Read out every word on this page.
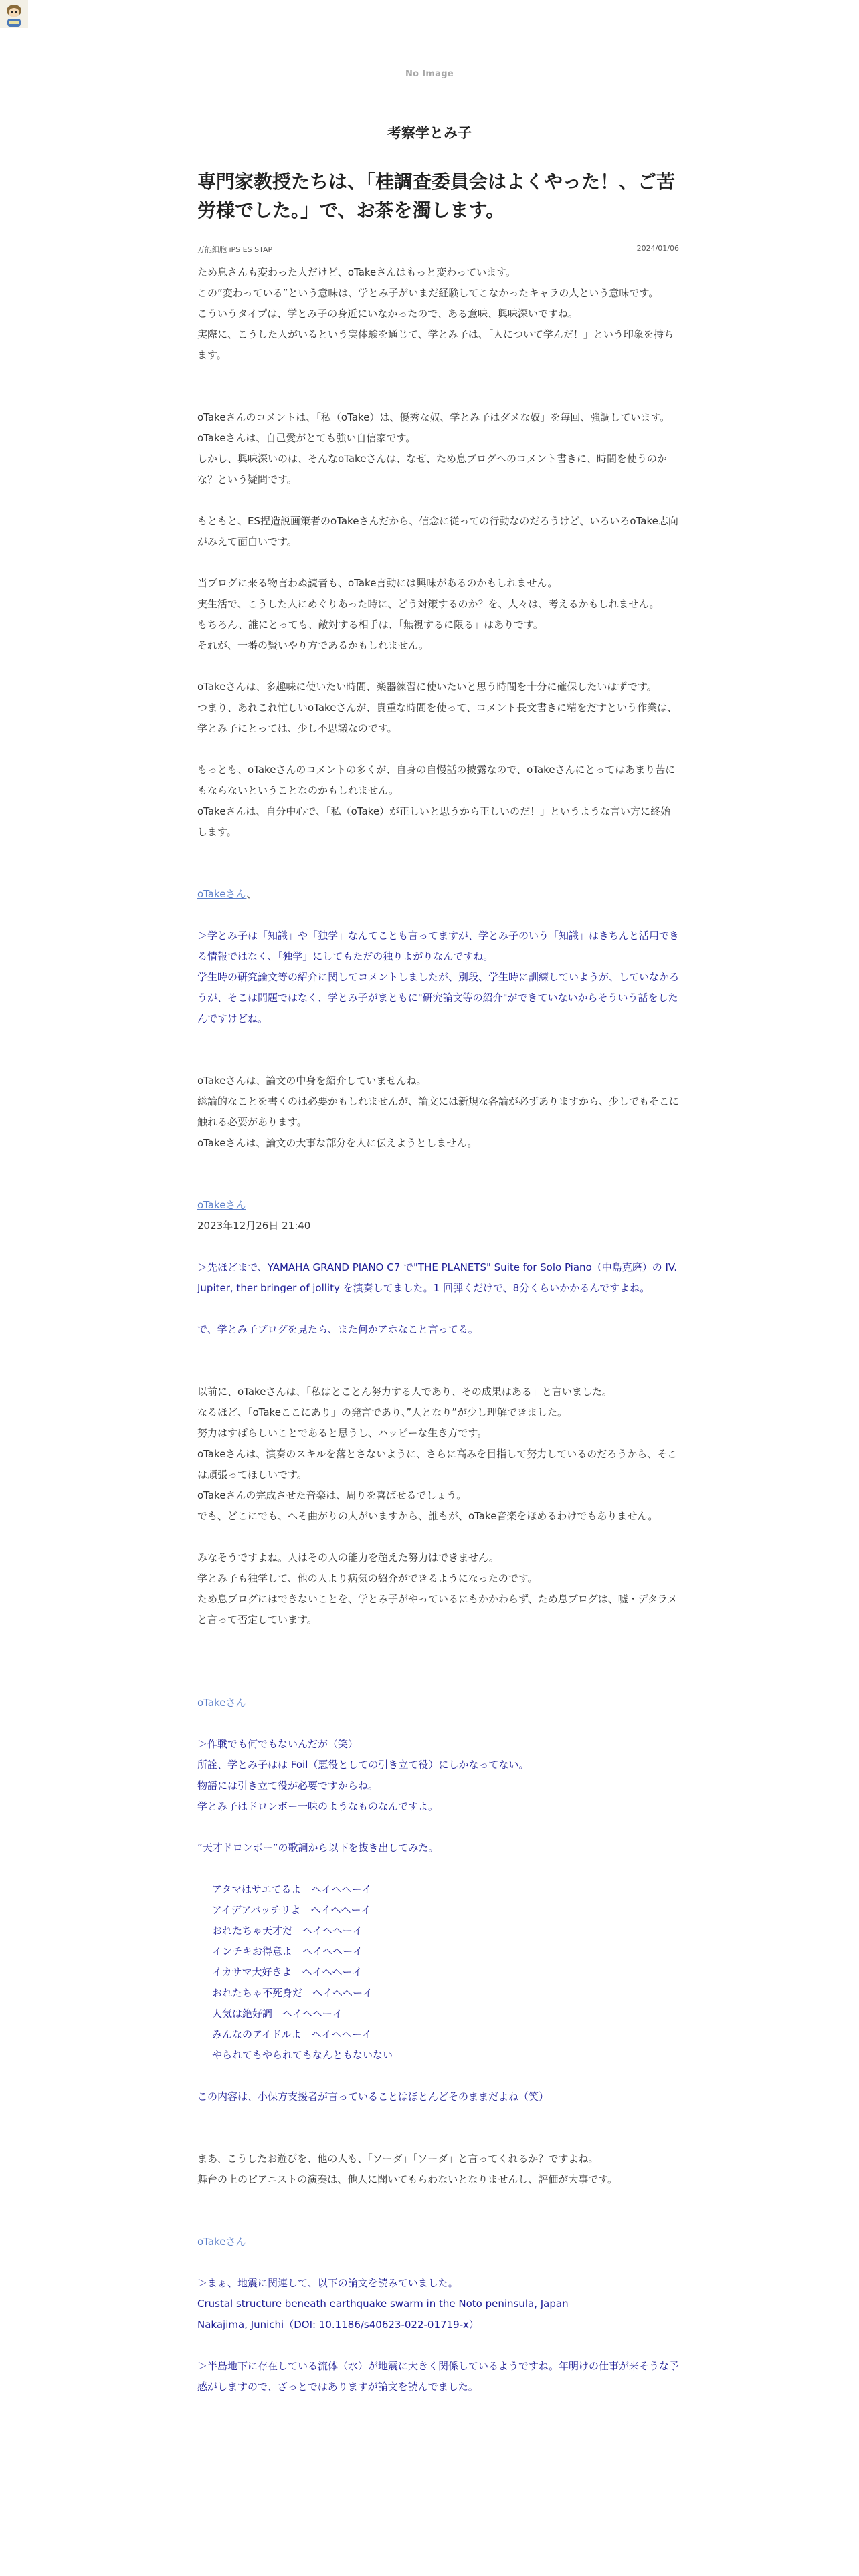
No Image
考察学とみ子
専門家教授たちは、「桂調査委員会はよくやった！、ご苦労様でした。」で、お茶を濁します。
万能細胞 iPS ES STAP	2024/01/06

ため息さんも変わった人だけど、oTakeさんはもっと変わっています。

この”変わっている”という意味は、学とみ子がいまだ経験してこなかったキャラの人という意味です。

こういうタイプは、学とみ子の身近にいなかったので、ある意味、興味深いですね。

実際に、こうした人がいるという実体験を通じて、学とみ子は、「人について学んだ！」という印象を持ちます。

oTakeさんのコメントは、「私（oTake）は、優秀な奴、学とみ子はダメな奴」を毎回、強調しています。

oTakeさんは、自己愛がとても強い自信家です。

しかし、興味深いのは、そんなoTakeさんは、なぜ、ため息ブログへのコメント書きに、時間を使うのかな？という疑問です。

もともと、ES捏造説画策者のoTakeさんだから、信念に従っての行動なのだろうけど、いろいろoTake志向がみえて面白いです。

当ブログに来る物言わぬ読者も、oTake言動には興味があるのかもしれません。

実生活で、こうした人にめぐりあった時に、どう対策するのか？を、人々は、考えるかもしれません。

もちろん、誰にとっても、敵対する相手は、「無視するに限る」はありです。

それが、一番の賢いやり方であるかもしれません。

oTakeさんは、多趣味に使いたい時間、楽器練習に使いたいと思う時間を十分に確保したいはずです。

つまり、あれこれ忙しいoTakeさんが、貴重な時間を使って、コメント長文書きに精をだすという作業は、学とみ子にとっては、少し不思議なのです。

もっとも、oTakeさんのコメントの多くが、自身の自慢話の披露なので、oTakeさんにとってはあまり苦にもならないということなのかもしれません。

oTakeさんは、自分中心で、「私（oTake）が正しいと思うから正しいのだ！」というような言い方に終始します。

oTakeさん、

＞学とみ子は「知識」や「独学」なんてことも言ってますが、学とみ子のいう「知識」はきちんと活用できる情報ではなく、「独学」にしてもただの独りよがりなんですね。

学生時の研究論文等の紹介に関してコメントしましたが、別段、学生時に訓練していようが、していなかろうが、そこは問題ではなく、学とみ子がまともに"研究論文等の紹介"ができていないからそういう話をしたんですけどね。

oTakeさんは、論文の中身を紹介していませんね。

総論的なことを書くのは必要かもしれませんが、論文には新規な各論が必ずありますから、少しでもそこに触れる必要があります。

oTakeさんは、論文の大事な部分を人に伝えようとしません。

oTakeさん

2023年12月26日 21:40

＞先ほどまで、YAMAHA GRAND PIANO C7 で"THE PLANETS" Suite for Solo Piano（中島克磨）の IV. Jupiter, ther bringer of jollity を演奏してました。1 回弾くだけで、8分くらいかかるんですよね。

で、学とみ子ブログを見たら、また何かアホなこと言ってる。

以前に、oTakeさんは、「私はとことん努力する人であり、その成果はある」と言いました。

なるほど、「oTakeここにあり」の発言であり、”人となり”が少し理解できました。

努力はすばらしいことであると思うし、ハッピーな生き方です。

oTakeさんは、演奏のスキルを落とさないように、さらに高みを目指して努力しているのだろうから、そこは頑張ってほしいです。

oTakeさんの完成させた音楽は、周りを喜ばせるでしょう。

でも、どこにでも、へそ曲がりの人がいますから、誰もが、oTake音楽をほめるわけでもありません。

みなそうですよね。人はその人の能力を超えた努力はできません。

学とみ子も独学して、他の人より病気の紹介ができるようになったのです。

ため息ブログにはできないことを、学とみ子がやっているにもかかわらず、ため息ブログは、嘘・デタラメと言って否定しています。

oTakeさん

＞作戦でも何でもないんだが（笑）

所詮、学とみ子はは Foil（悪役としての引き立て役）にしかなってない。

物語には引き立て役が必要ですからね。

学とみ子はドロンボー一味のようなものなんですよ。

”天才ドロンボー”の歌詞から以下を抜き出してみた。

アタマはサエてるよ　ヘイヘヘーイ

アイデアバッチリよ　ヘイヘヘーイ

おれたちゃ天才だ　ヘイヘヘーイ

インチキお得意よ　ヘイヘヘーイ

イカサマ大好きよ　ヘイヘヘーイ

おれたちゃ不死身だ　ヘイヘヘーイ

人気は絶好調　ヘイヘヘーイ

みんなのアイドルよ　ヘイヘヘーイ

やられてもやられてもなんともないない

この内容は、小保方支援者が言っていることはほとんどそのままだよね（笑）

まあ、こうしたお遊びを、他の人も、「ソーダ」「ソーダ」と言ってくれるか？ですよね。

舞台の上のピアニストの演奏は、他人に聞いてもらわないとなりませんし、評価が大事です。

oTakeさん

＞まぁ、地震に関連して、以下の論文を読みていました。

Crustal structure beneath earthquake swarm in the Noto peninsula, Japan

Nakajima, Junichi（DOI: 10.1186/s40623-022-01719-x）

＞半島地下に存在している流体（水）が地震に大きく関係しているようですね。年明けの仕事が来そうな予感がしますので、ざっとではありますが論文を読んでました。
